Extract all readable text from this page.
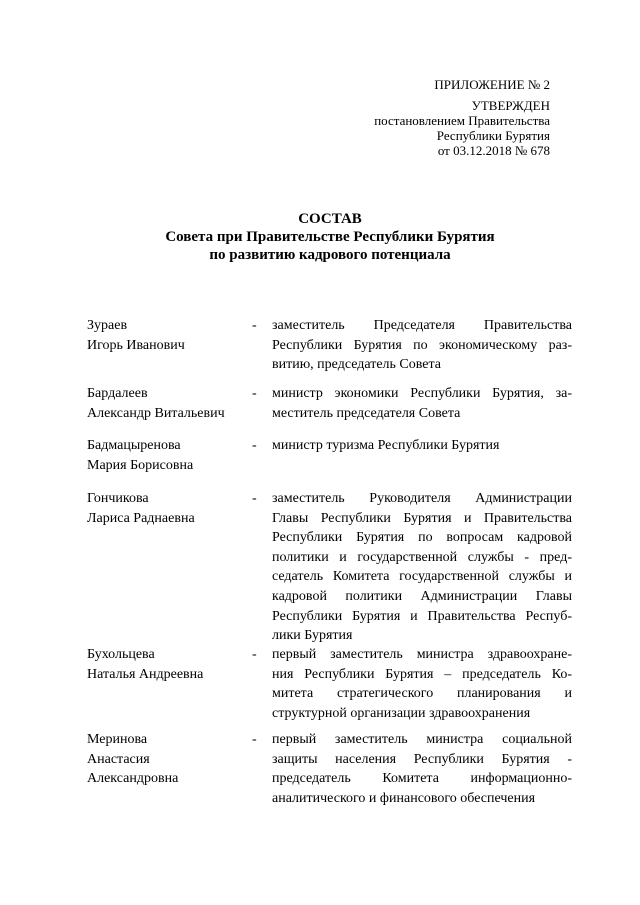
ПРИЛОЖЕНИЕ № 2
УТВЕРЖДЕН
постановлением Правительства
Республики Бурятия
от 03.12.2018 № 678
СОСТАВ
Совета при Правительстве Республики Бурятия
по развитию кадрового потенциала
Зураев
Игорь Иванович
-	заместитель Председателя Правительства
Республики Бурятия по экономическому раз-
витию, председатель Совета
Бардалеев
Александр Витальевич
-	министр экономики Республики Бурятия, за-
меститель председателя Совета
Бадмацыренова
Мария Борисовна
-	министр туризма Республики Бурятия
Гончикова
Лариса Раднаевна
-	заместитель Руководителя Администрации
Главы Республики Бурятия и Правительства
Республики Бурятия по вопросам кадровой
политики и государственной службы - пред-
седатель Комитета государственной службы и
кадровой политики Администрации Главы
Республики Бурятия и Правительства Респуб-
лики Бурятия
Бухольцева
Наталья Андреевна
-	первый заместитель министра здравоохране-
ния Республики Бурятия – председатель Ко-
митета стратегического планирования и
структурной организации здравоохранения
Меринова
Анастасия
Александровна
-	первый заместитель министра социальной
защиты населения Республики Бурятия -
председатель Комитета информационно-
аналитического и финансового обеспечения
